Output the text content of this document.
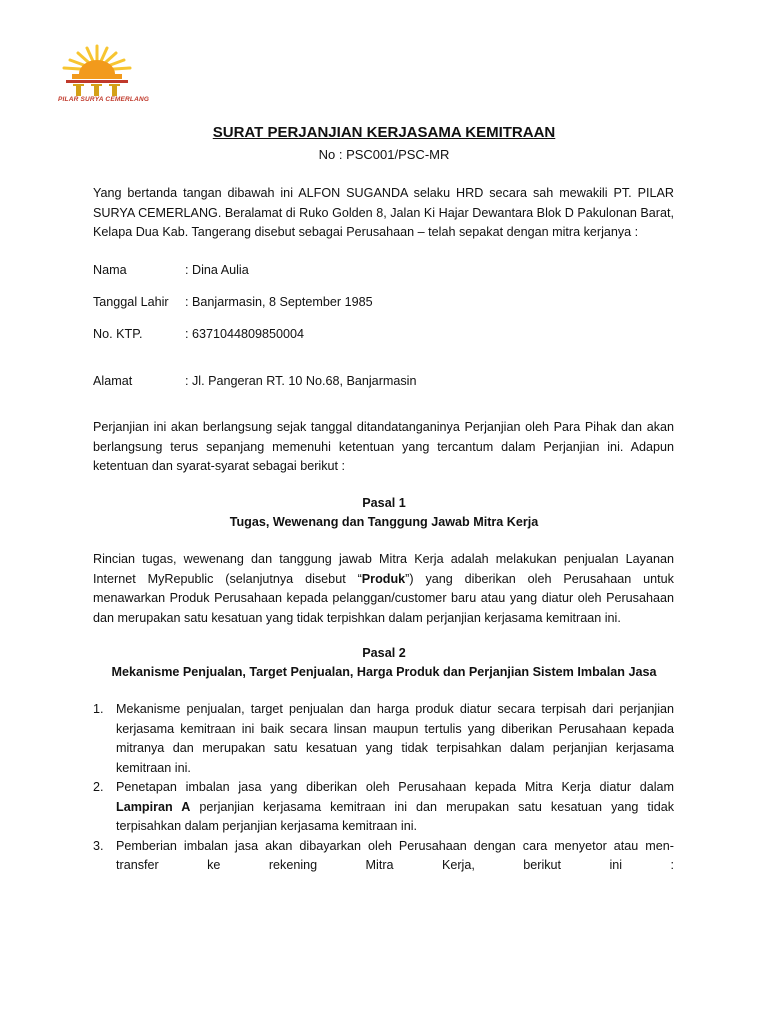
PILAR SURYA CEMERLANG
SURAT PERJANJIAN KERJASAMA KEMITRAAN
No : PSC001/PSC-MR

Yang bertanda tangan dibawah ini ALFON SUGANDA selaku HRD secara sah mewakili PT. PILAR SURYA CEMERLANG. Beralamat di Ruko Golden 8, Jalan Ki Hajar Dewantara Blok D Pakulonan Barat, Kelapa Dua Kab. Tangerang disebut sebagai Perusahaan – telah sepakat dengan mitra kerjanya :

Nama	: Dina Aulia
Tanggal Lahir : Banjarmasin, 8 September 1985
No. KTP.	: 6371044809850004
Alamat	: Jl. Pangeran RT. 10 No.68, Banjarmasin

Perjanjian ini akan berlangsung sejak tanggal ditandatanganinya Perjanjian oleh Para Pihak dan akan berlangsung terus sepanjang memenuhi ketentuan yang tercantum dalam Perjanjian ini. Adapun ketentuan dan syarat-syarat sebagai berikut :

Pasal 1
Tugas, Wewenang dan Tanggung Jawab Mitra Kerja

Rincian tugas, wewenang dan tanggung jawab Mitra Kerja adalah melakukan penjualan Layanan Internet MyRepublic (selanjutnya disebut “Produk”) yang diberikan oleh Perusahaan untuk menawarkan Produk Perusahaan kepada pelanggan/customer baru atau yang diatur oleh Perusahaan dan merupakan satu kesatuan yang tidak terpishkan dalam perjanjian kerjasama kemitraan ini.

Pasal 2
Mekanisme Penjualan, Target Penjualan, Harga Produk dan Perjanjian Sistem Imbalan Jasa
1. Mekanisme penjualan, target penjualan dan harga produk diatur secara terpisah dari perjanjian kerjasama kemitraan ini baik secara linsan maupun tertulis yang diberikan Perusahaan kepada mitranya dan merupakan satu kesatuan yang tidak terpisahkan dalam perjanjian kerjasama kemitraan ini.
2. Penetapan imbalan jasa yang diberikan oleh Perusahaan kepada Mitra Kerja diatur dalam Lampiran A perjanjian kerjasama kemitraan ini dan merupakan satu kesatuan yang tidak terpisahkan dalam perjanjian kerjasama kemitraan ini.
3. Pemberian imbalan jasa akan dibayarkan oleh Perusahaan dengan cara menyetor atau men-transfer ke rekening Mitra Kerja, berikut ini :
